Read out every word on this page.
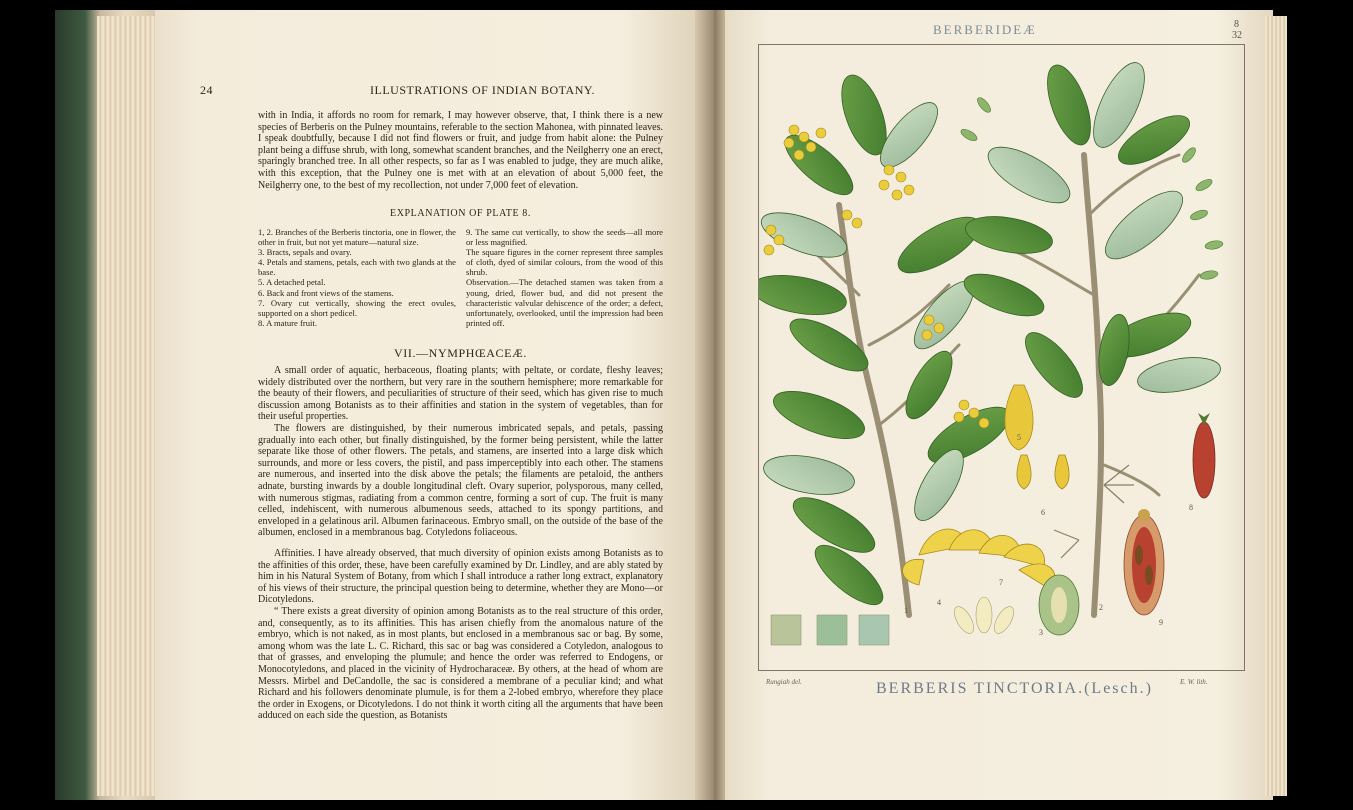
24	ILLUSTRATIONS OF INDIAN BOTANY.
with in India, it affords no room for remark, I may however observe, that, I think there is a new species of Berberis on the Pulney mountains, referable to the section Mahonea, with pinnated leaves. I speak doubtfully, because I did not find flowers or fruit, and judge from habit alone: the Pulney plant being a diffuse shrub, with long, somewhat scandent branches, and the Neilgherry one an erect, sparingly branched tree. In all other respects, so far as I was enabled to judge, they are much alike, with this exception, that the Pulney one is met with at an elevation of about 5,000 feet, the Neilgherry one, to the best of my recollection, not under 7,000 feet of elevation.
EXPLANATION OF PLATE 8.
1, 2. Branches of the Berberis tinctoria, one in flower, the other in fruit, but not yet mature—natural size.
3. Bracts, sepals and ovary.
4. Petals and stamens, petals, each with two glands at the base.
5. A detached petal.
6. Back and front views of the stamens.
7. Ovary cut vertically, showing the erect ovules, supported on a short pedicel.
8. A mature fruit.
9. The same cut vertically, to show the seeds—all more or less magnified.
The square figures in the corner represent three samples of cloth, dyed of similar colours, from the wood of this shrub.
Observation.—The detached stamen was taken from a young, dried, flower bud, and did not present the characteristic valvular dehiscence of the order; a defect, unfortunately, overlooked, until the impression had been printed off.
VII.—NYMPHŒACEÆ.

A small order of aquatic, herbaceous, floating plants; with peltate, or cordate, fleshy leaves; widely distributed over the northern, but very rare in the southern hemisphere; more remarkable for the beauty of their flowers, and peculiarities of structure of their seed, which has given rise to much discussion among Botanists as to their affinities and station in the system of vegetables, than for their useful properties.

The flowers are distinguished, by their numerous imbricated sepals, and petals, passing gradually into each other, but finally distinguished, by the former being persistent, while the latter separate like those of other flowers. The petals, and stamens, are inserted into a large disk which surrounds, and more or less covers, the pistil, and pass imperceptibly into each other. The stamens are numerous, and inserted into the disk above the petals; the filaments are petaloid, the anthers adnate, bursting inwards by a double longitudinal cleft. Ovary superior, polysporous, many celled, with numerous stigmas, radiating from a common centre, forming a sort of cup. The fruit is many celled, indehiscent, with numerous albumenous seeds, attached to its spongy partitions, and enveloped in a gelatinous aril. Albumen farinaceous. Embryo small, on the outside of the base of the albumen, enclosed in a membranous bag. Cotyledons foliaceous.

Affinities. I have already observed, that much diversity of opinion exists among Botanists as to the affinities of this order, these, have been carefully examined by Dr. Lindley, and are ably stated by him in his Natural System of Botany, from which I shall introduce a rather long extract, explanatory of his views of their structure, the principal question being to determine, whether they are Mono—or Dicotyledons.

“ There exists a great diversity of opinion among Botanists as to the real structure of this order, and, consequently, as to its affinities. This has arisen chiefly from the anomalous nature of the embryo, which is not naked, as in most plants, but enclosed in a membranous sac or bag. By some, among whom was the late L. C. Richard, this sac or bag was considered a Cotyledon, analogous to that of grasses, and enveloping the plumule; and hence the order was referred to Endogens, or Monocotyledons, and placed in the vicinity of Hydrocharaceæ. By others, at the head of whom are Messrs. Mirbel and DeCandolle, the sac is considered a membrane of a peculiar kind; and what Richard and his followers denominate plumule, is for them a 2-lobed embryo, wherefore they place the order in Exogens, or Dicotyledons. I do not think it worth citing all the arguments that have been adduced on each side the question, as Botanists

BERBERIDEÆ	8
32
1	2
3
4
5
6
7
8
9
Rungiah del.	E. W. lith.
BERBERIS TINCTORIA.(Lesch.)
